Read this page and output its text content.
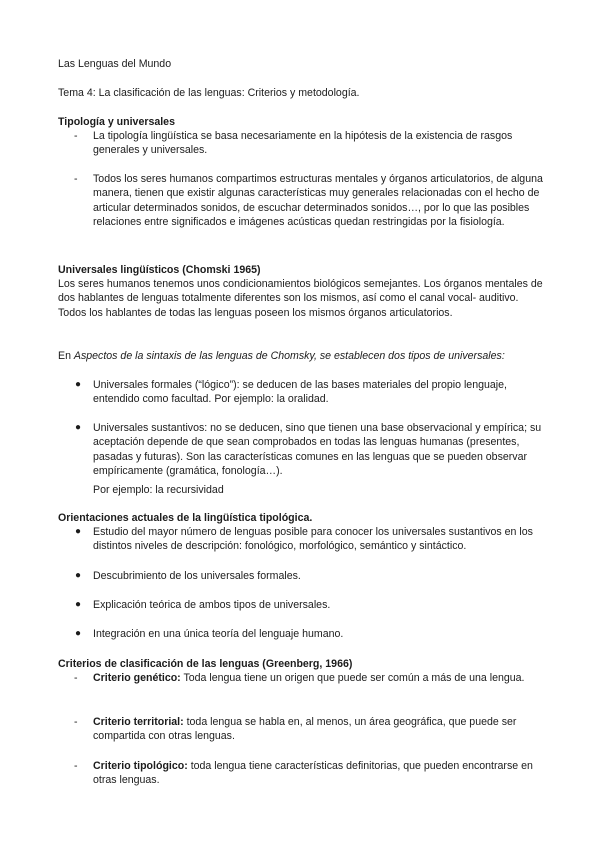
Las Lenguas del Mundo

Tema 4: La clasificación de las lenguas: Criterios y metodología.

Tipología y universales
-	La tipología lingüística se basa necesariamente en la hipótesis de la existencia de rasgos generales y universales.
-	Todos los seres humanos compartimos estructuras mentales y órganos articulatorios, de alguna manera, tienen que existir algunas características muy generales relacionadas con el hecho de articular determinados sonidos, de escuchar determinados sonidos…, por lo que las posibles relaciones entre significados e imágenes acústicas quedan restringidas por la fisiología.
Universales lingüísticos (Chomski 1965)
Los seres humanos tenemos unos condicionamientos biológicos semejantes. Los órganos mentales de dos hablantes de lenguas totalmente diferentes son los mismos, así como el canal vocal- auditivo. Todos los hablantes de todas las lenguas poseen los mismos órganos articulatorios.
En Aspectos de la sintaxis de las lenguas de Chomsky, se establecen dos tipos de universales:
●	Universales formales (“lógico”): se deducen de las bases materiales del propio lenguaje, entendido como facultad. Por ejemplo: la oralidad.
●	Universales sustantivos: no se deducen, sino que tienen una base observacional y empírica; su aceptación depende de que sean comprobados en todas las lenguas humanas (presentes, pasadas y futuras). Son las características comunes en las lenguas que se pueden observar empíricamente (gramática, fonología…).
Por ejemplo: la recursividad
Orientaciones actuales de la lingüística tipológica.
●	Estudio del mayor número de lenguas posible para conocer los universales sustantivos en los distintos niveles de descripción: fonológico, morfológico, semántico y sintáctico.
●	Descubrimiento de los universales formales.
●	Explicación teórica de ambos tipos de universales.
●	Integración en una única teoría del lenguaje humano.
Criterios de clasificación de las lenguas (Greenberg, 1966)
-	Criterio genético: Toda lengua tiene un origen que puede ser común a más de una lengua.
-	Criterio territorial: toda lengua se habla en, al menos, un área geográfica, que puede ser compartida con otras lenguas.
-	Criterio tipológico: toda lengua tiene características definitorias, que pueden encontrarse en otras lenguas.
